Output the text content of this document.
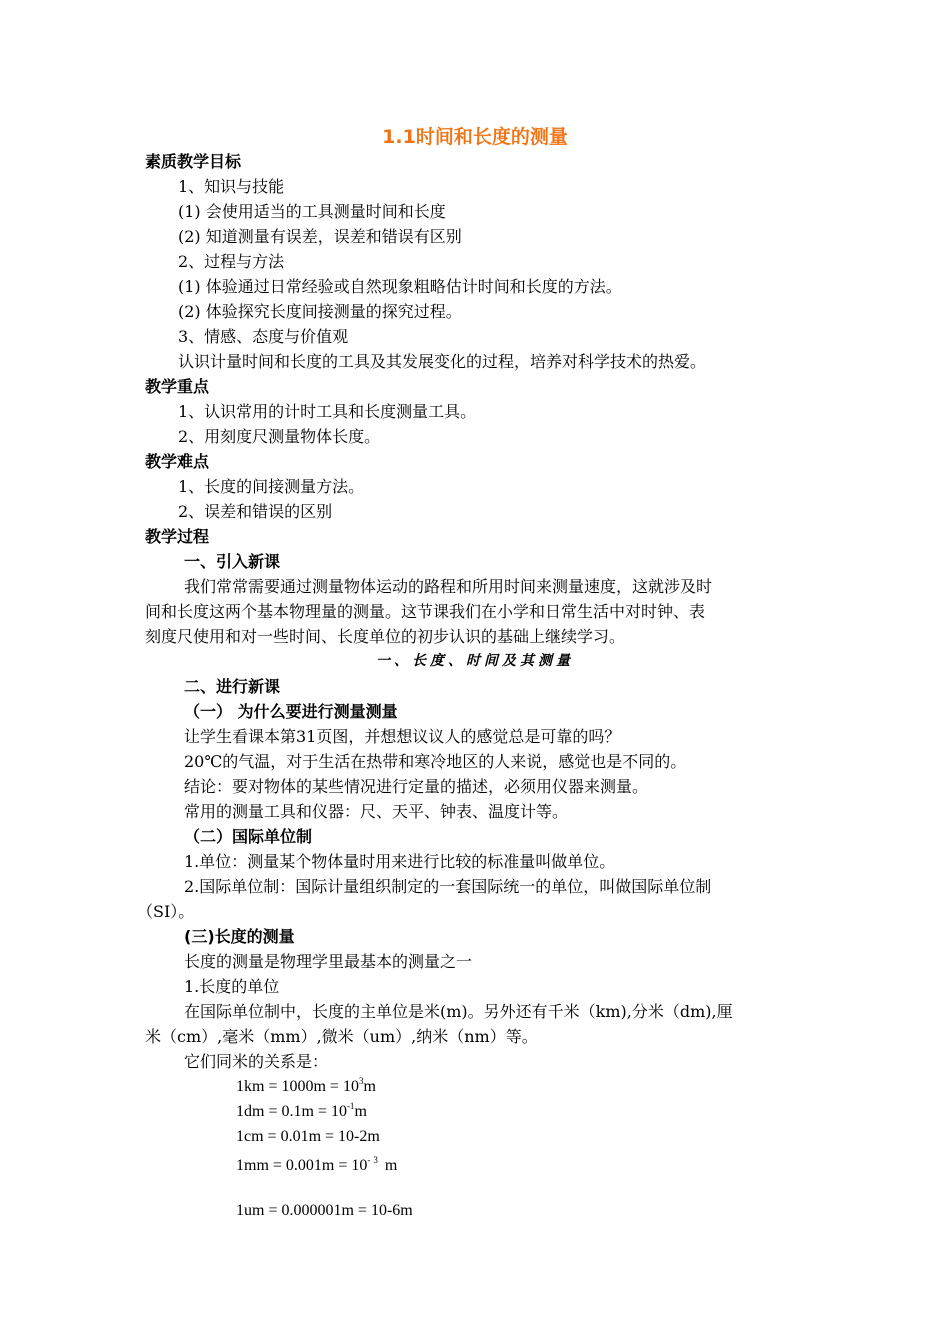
1.1时间和长度的测量
素质教学目标
1、知识与技能
(1) 会使用适当的工具测量时间和长度
(2) 知道测量有误差，误差和错误有区别
2、过程与方法
(1) 体验通过日常经验或自然现象粗略估计时间和长度的方法。
(2) 体验探究长度间接测量的探究过程。
3、情感、态度与价值观
认识计量时间和长度的工具及其发展变化的过程，培养对科学技术的热爱。
教学重点
1、认识常用的计时工具和长度测量工具。
2、用刻度尺测量物体长度。
教学难点
1、长度的间接测量方法。
2、误差和错误的区别
教学过程
一、引入新课
我们常常需要通过测量物体运动的路程和所用时间来测量速度，这就涉及时
间和长度这两个基本物理量的测量。这节课我们在小学和日常生活中对时钟、表
刻度尺使用和对一些时间、长度单位的初步认识的基础上继续学习。
一、长度、时间及其测量
二、进行新课
（一） 为什么要进行测量测量
让学生看课本第31页图，并想想议议人的感觉总是可靠的吗？
20℃的气温，对于生活在热带和寒冷地区的人来说，感觉也是不同的。
结论：要对物体的某些情况进行定量的描述，必须用仪器来测量。
常用的测量工具和仪器：尺、天平、钟表、温度计等。
（二）国际单位制
1.单位：测量某个物体量时用来进行比较的标准量叫做单位。
2.国际单位制：国际计量组织制定的一套国际统一的单位，叫做国际单位制
（SI）。
(三)长度的测量
长度的测量是物理学里最基本的测量之一
1.长度的单位
在国际单位制中，长度的主单位是米(m)。另外还有千米（km),分米（dm),厘
米（cm）,毫米（mm）,微米（um）,纳米（nm）等。
它们同米的关系是：
$1km = 1000m = 10^3m$
$1dm = 0.1m = 10^{-1}m$
1cm = 0.01m = 10-2m
$1mm = 0.001m = 10^{-3}$ m
1um = 0.000001m = 10-6m
